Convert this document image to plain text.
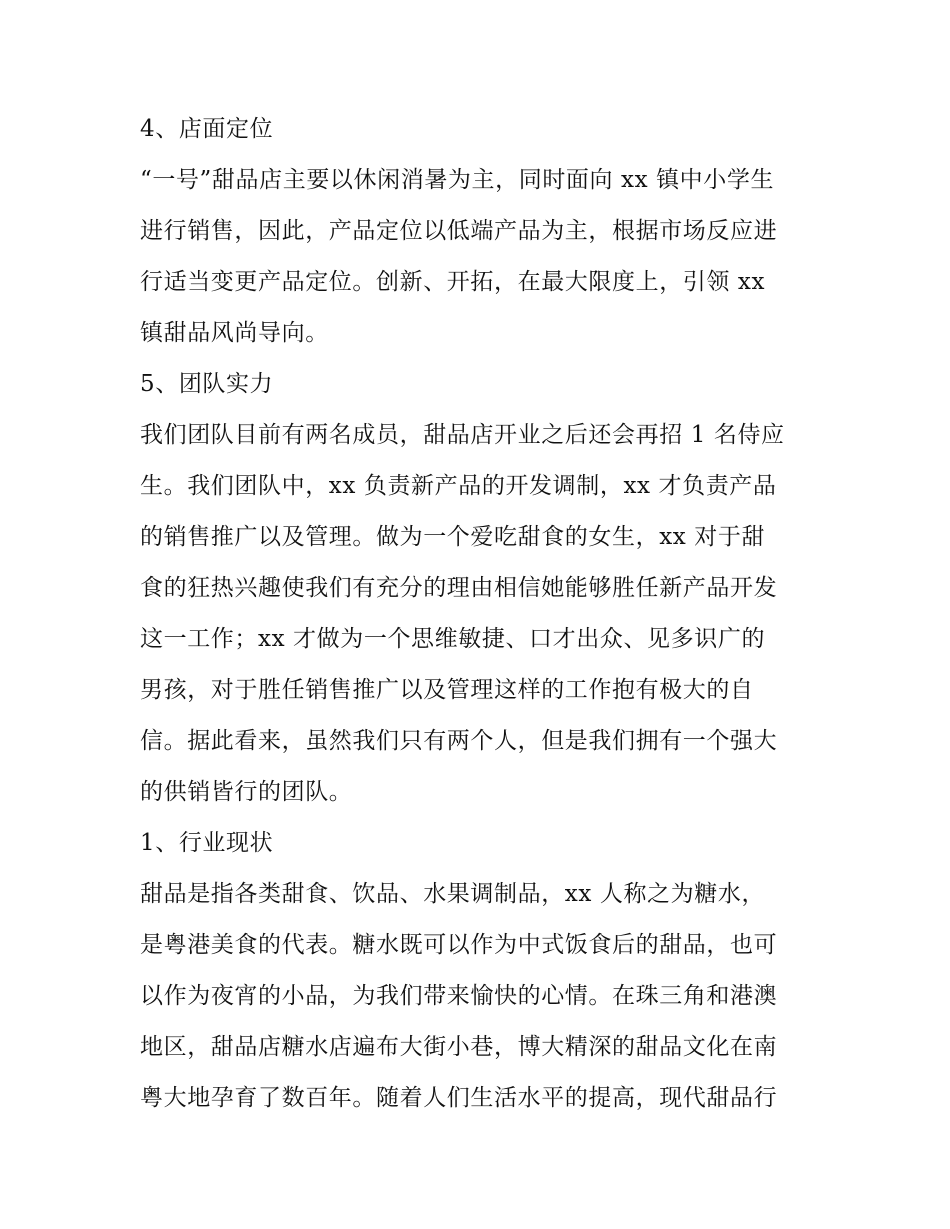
4、店面定位
“一号”甜品店主要以休闲消暑为主，同时面向 xx 镇中小学生
进行销售，因此，产品定位以低端产品为主，根据市场反应进
行适当变更产品定位。创新、开拓，在最大限度上，引领 xx
镇甜品风尚导向。
5、团队实力
我们团队目前有两名成员，甜品店开业之后还会再招 1 名侍应
生。我们团队中，xx 负责新产品的开发调制，xx 才负责产品
的销售推广以及管理。做为一个爱吃甜食的女生，xx 对于甜
食的狂热兴趣使我们有充分的理由相信她能够胜任新产品开发
这一工作；xx 才做为一个思维敏捷、口才出众、见多识广的
男孩，对于胜任销售推广以及管理这样的工作抱有极大的自
信。据此看来，虽然我们只有两个人，但是我们拥有一个强大
的供销皆行的团队。
1、行业现状
甜品是指各类甜食、饮品、水果调制品，xx 人称之为糖水，
是粤港美食的代表。糖水既可以作为中式饭食后的甜品，也可
以作为夜宵的小品，为我们带来愉快的心情。在珠三角和港澳
地区，甜品店糖水店遍布大街小巷，博大精深的甜品文化在南
粤大地孕育了数百年。随着人们生活水平的提高，现代甜品行
